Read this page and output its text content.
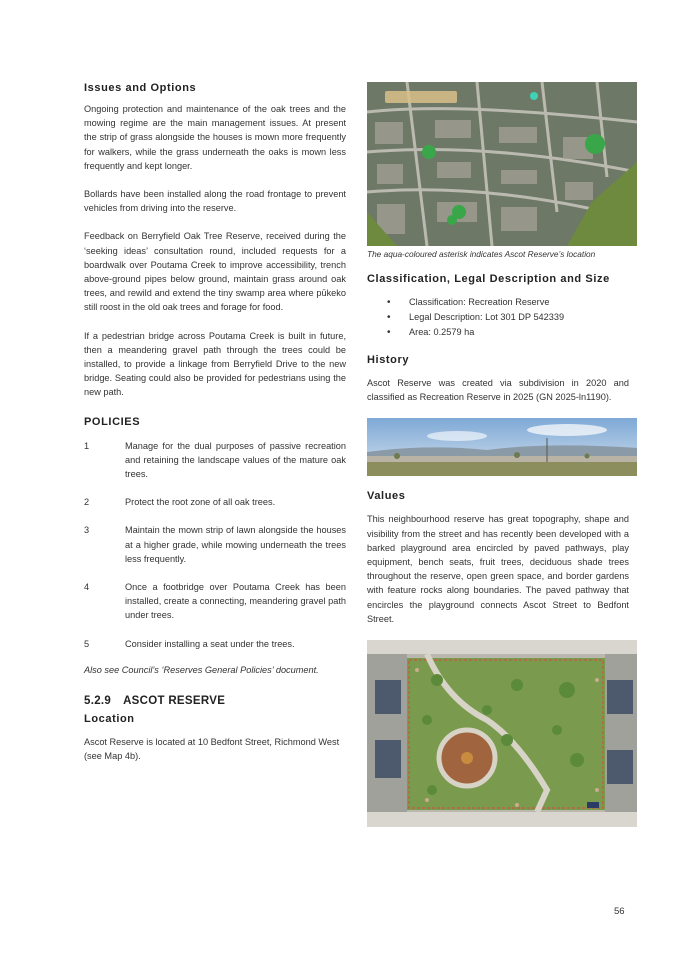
Issues and Options

Ongoing protection and maintenance of the oak trees and the mowing regime are the main management issues. At present the strip of grass alongside the houses is mown more frequently for walkers, while the grass underneath the oaks is mown less frequently and kept longer.

Bollards have been installed along the road frontage to prevent vehicles from driving into the reserve.

Feedback on Berryfield Oak Tree Reserve, received during the ‘seeking ideas’ consultation round, included requests for a boardwalk over Poutama Creek to improve accessibility, trench above-ground pipes below ground, maintain grass around oak trees, and rewild and extend the tiny swamp area where pūkeko still roost in the old oak trees and forage for food.

If a pedestrian bridge across Poutama Creek is built in future, then a meandering gravel path through the trees could be installed, to provide a linkage from Berryfield Drive to the new bridge. Seating could also be provided for pedestrians using the new path.

POLICIES
1	Manage for the dual purposes of passive recreation and retaining the landscape values of the mature oak trees.
2	Protect the root zone of all oak trees.
3	Maintain the mown strip of lawn alongside the houses at a higher grade, while mowing underneath the trees less frequently.
4	Once a footbridge over Poutama Creek has been installed, create a connecting, meandering gravel path under trees.
5	Consider installing a seat under the trees.

Also see Council’s ‘Reserves General Policies’ document.

5.2.9 ASCOT RESERVE
Location

Ascot Reserve is located at 10 Bedfont Street, Richmond West (see Map 4b).

The aqua-coloured asterisk indicates Ascot Reserve’s location

Classification, Legal Description and Size
• Classification: Recreation Reserve
• Legal Description: Lot 301 DP 542339
• Area: 0.2579 ha
History

Ascot Reserve was created via subdivision in 2020 and classified as Recreation Reserve in 2025 (GN 2025-ln1190).

Values

This neighbourhood reserve has great topography, shape and visibility from the street and has recently been developed with a barked playground area encircled by paved pathways, play equipment, bench seats, fruit trees, deciduous shade trees throughout the reserve, open green space, and border gardens with feature rocks along boundaries. The paved pathway that encircles the playground connects Ascot Street to Bedfont Street.

56
